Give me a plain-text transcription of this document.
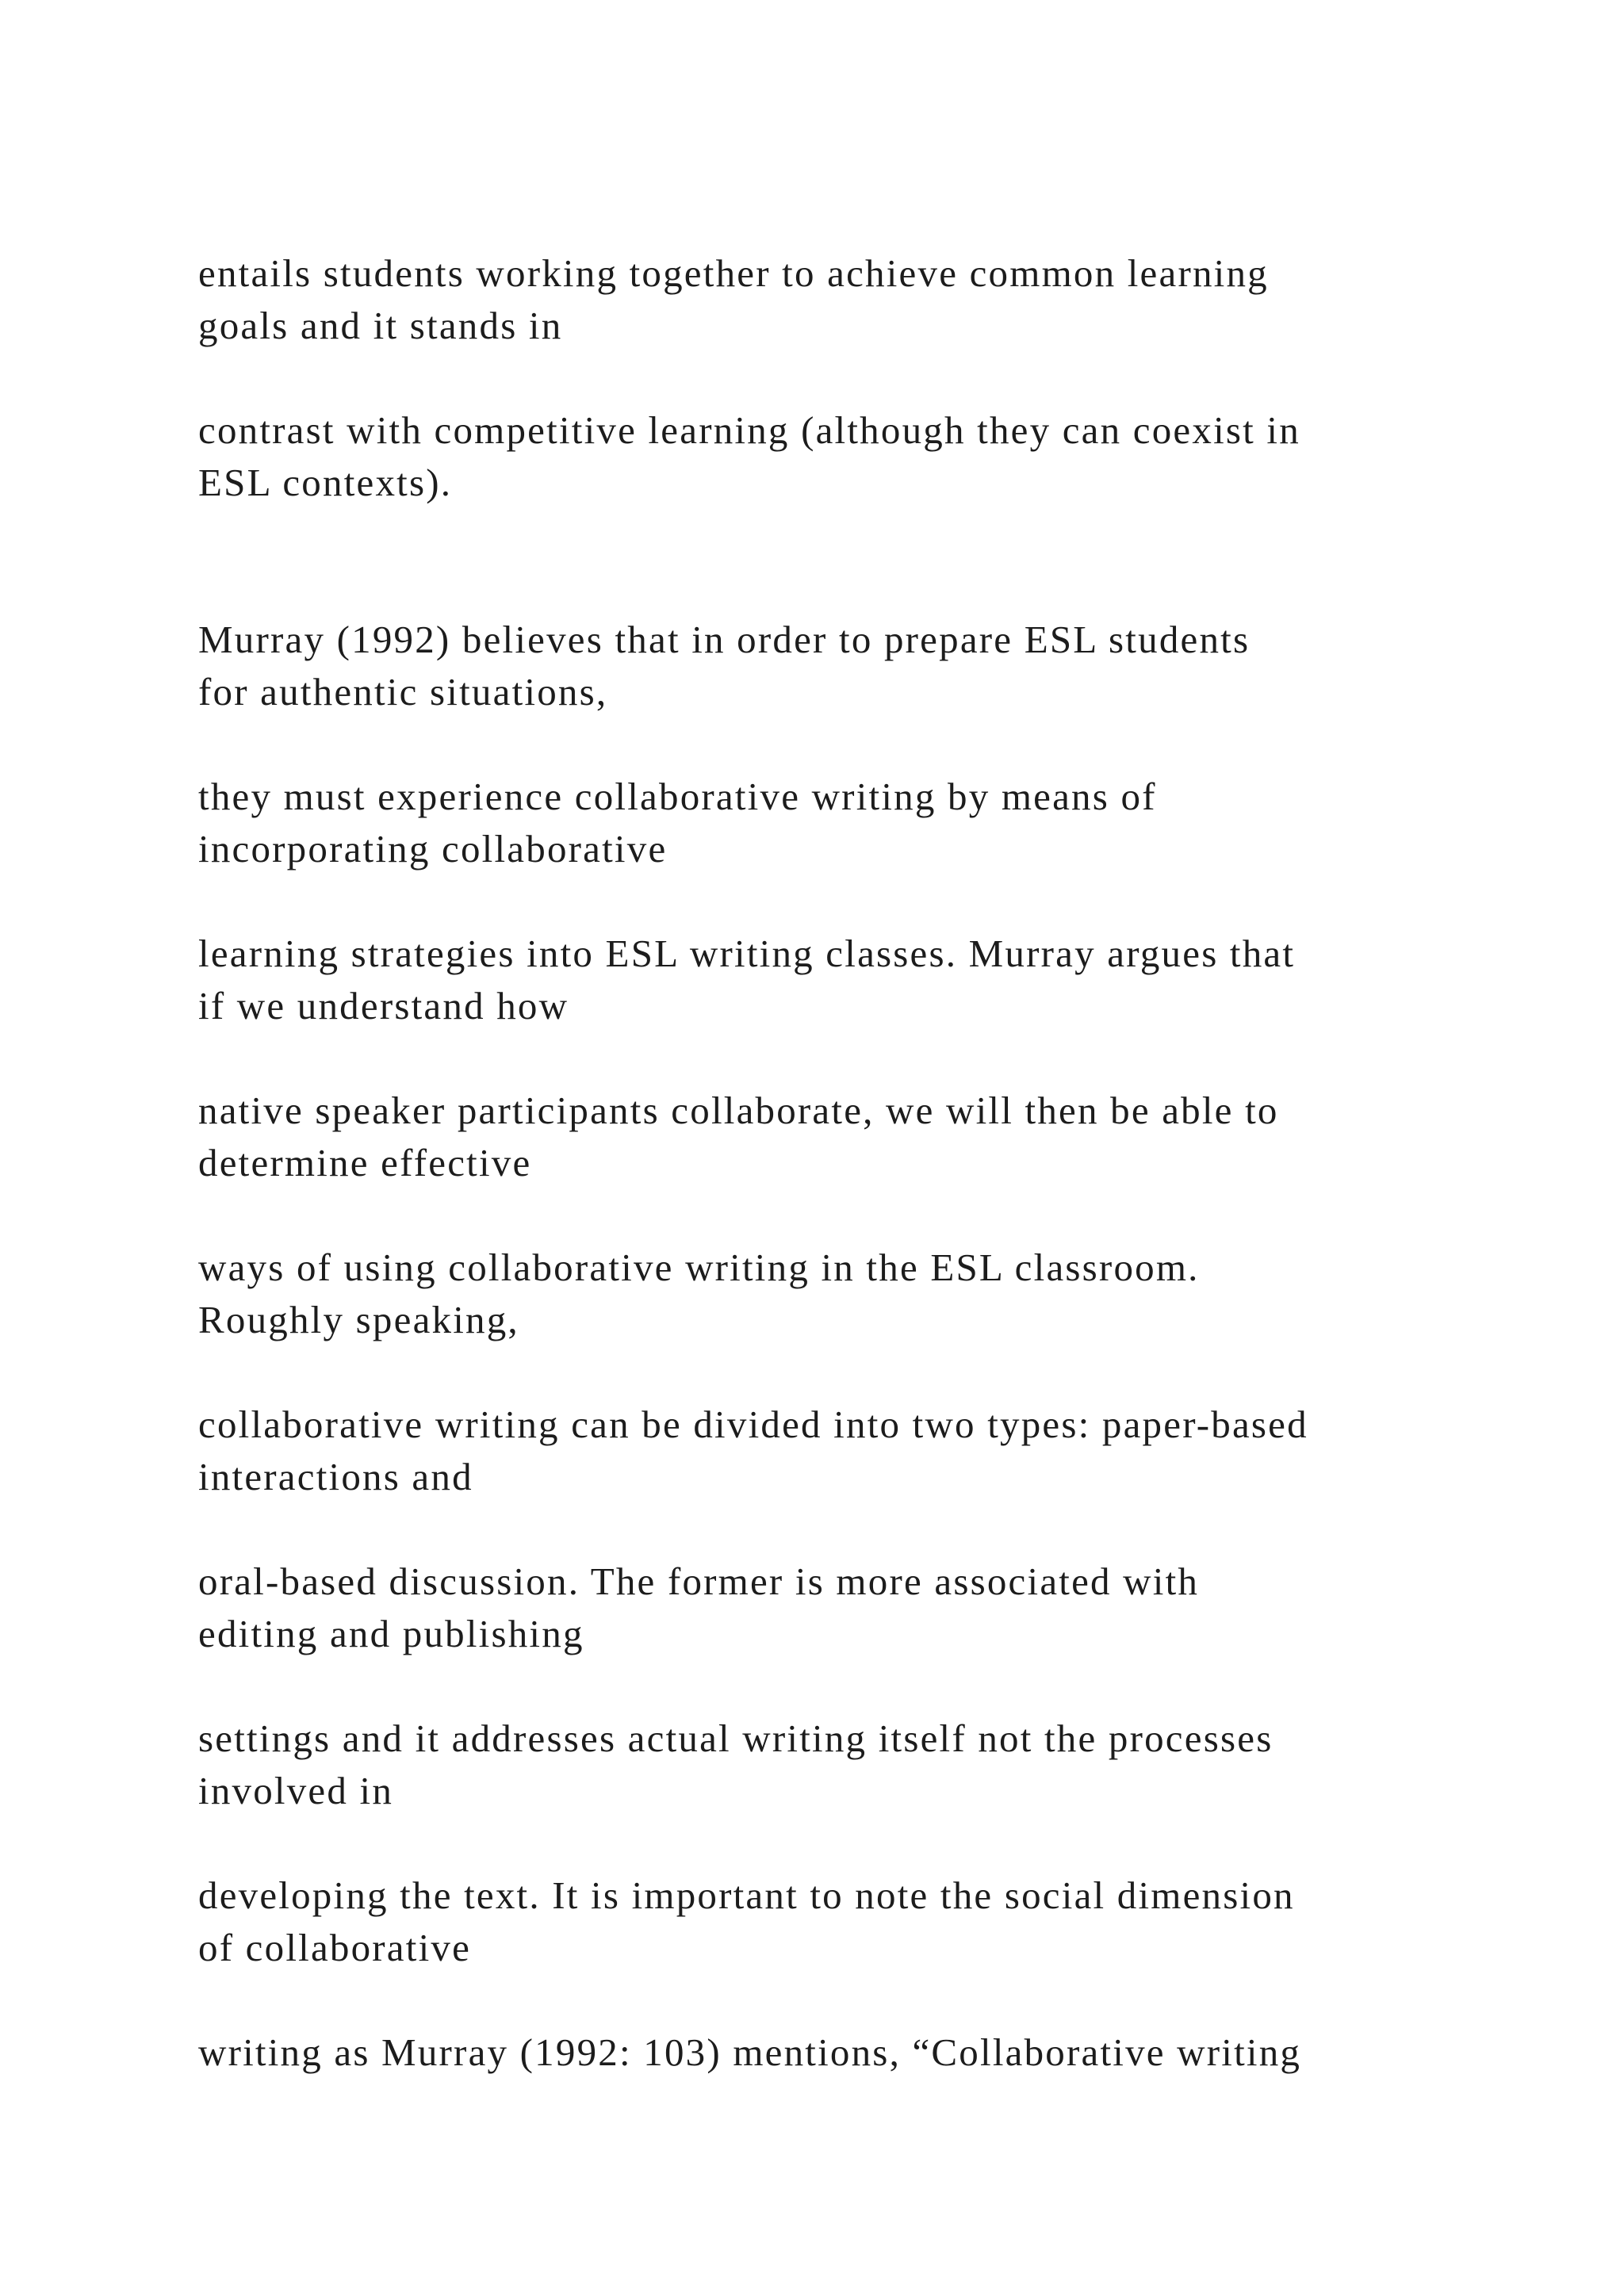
entails students working together to achieve common learning
goals and it stands in

contrast with competitive learning (although they can coexist in
ESL contexts).

Murray (1992) believes that in order to prepare ESL students
for authentic situations,

they must experience collaborative writing by means of
incorporating collaborative

learning strategies into ESL writing classes. Murray argues that
if we understand how

native speaker participants collaborate, we will then be able to
determine effective

ways of using collaborative writing in the ESL classroom.
Roughly speaking,

collaborative writing can be divided into two types: paper-based
interactions and

oral-based discussion. The former is more associated with
editing and publishing

settings and it addresses actual writing itself not the processes
involved in

developing the text. It is important to note the social dimension
of collaborative

writing as Murray (1992: 103) mentions, “Collaborative writing
